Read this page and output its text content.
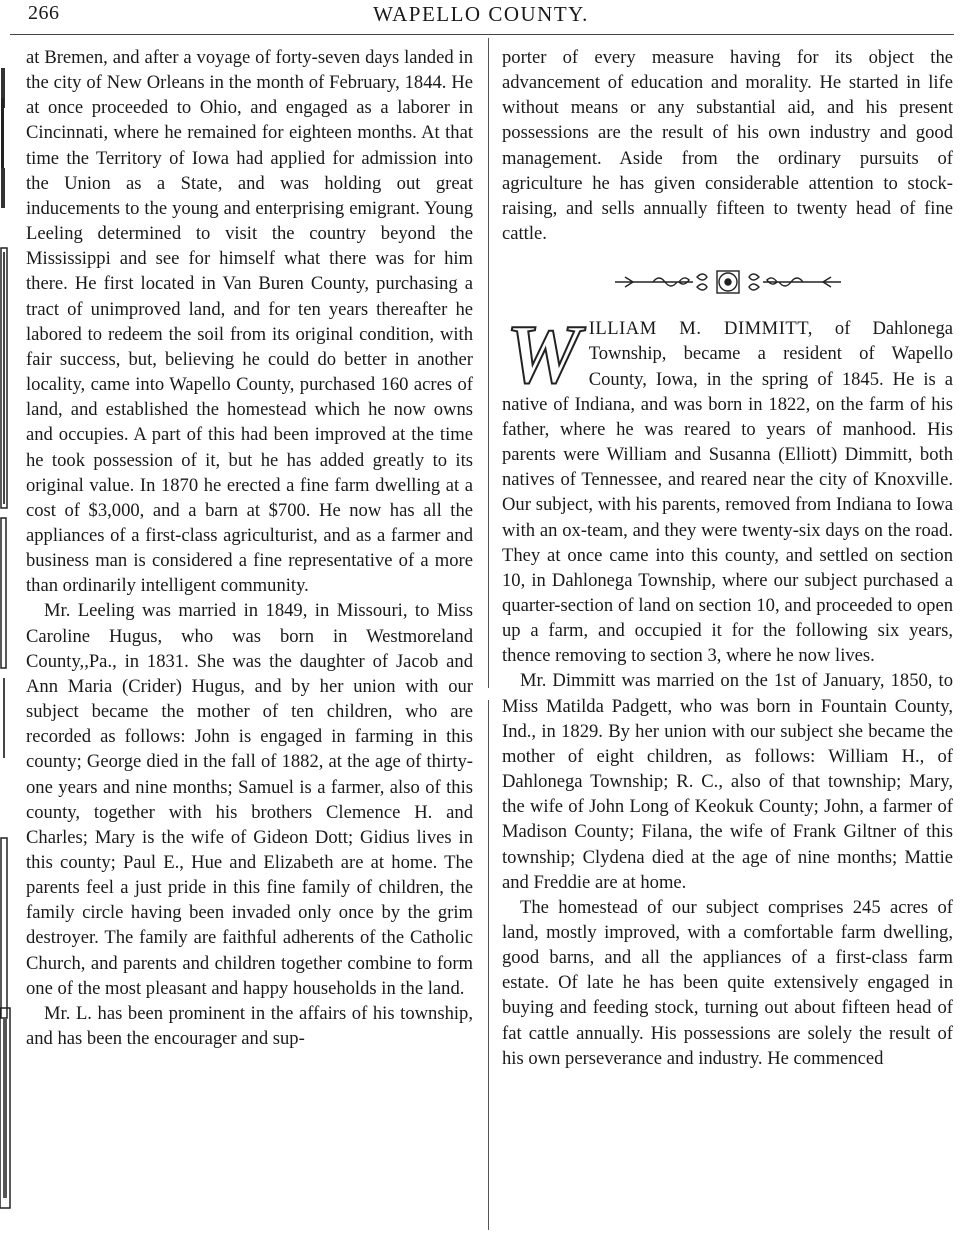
266	WAPELLO COUNTY.

at Bremen, and after a voyage of forty-seven days landed in the city of New Orleans in the month of February, 1844. He at once proceeded to Ohio, and engaged as a laborer in Cincinnati, where he remained for eighteen months. At that time the Territory of Iowa had applied for admission into the Union as a State, and was holding out great inducements to the young and enterprising emigrant. Young Leeling determined to visit the country beyond the Mississippi and see for himself what there was for him there. He first located in Van Buren County, purchasing a tract of unimproved land, and for ten years thereafter he labored to redeem the soil from its original condition, with fair success, but, believing he could do better in another locality, came into Wapello County, purchased 160 acres of land, and established the homestead which he now owns and occupies. A part of this had been improved at the time he took possession of it, but he has added greatly to its original value. In 1870 he erected a fine farm dwelling at a cost of $3,000, and a barn at $700. He now has all the appliances of a first-class agriculturist, and as a farmer and business man is considered a fine representative of a more than ordinarily intelligent community.

Mr. Leeling was married in 1849, in Missouri, to Miss Caroline Hugus, who was born in Westmoreland County,,Pa., in 1831. She was the daughter of Jacob and Ann Maria (Crider) Hugus, and by her union with our subject became the mother of ten children, who are recorded as follows: John is engaged in farming in this county; George died in the fall of 1882, at the age of thirty-one years and nine months; Samuel is a farmer, also of this county, together with his brothers Clemence H. and Charles; Mary is the wife of Gideon Dott; Gidius lives in this county; Paul E., Hue and Elizabeth are at home. The parents feel a just pride in this fine family of children, the family circle having been invaded only once by the grim destroyer. The family are faithful adherents of the Catholic Church, and parents and children together combine to form one of the most pleasant and happy households in the land.

Mr. L. has been prominent in the affairs of his township, and has been the encourager and sup-

porter of every measure having for its object the advancement of education and morality. He started in life without means or any substantial aid, and his present possessions are the result of his own industry and good management. Aside from the ordinary pursuits of agriculture he has given considerable attention to stock-raising, and sells annually fifteen to twenty head of fine cattle.

WILLIAM M. DIMMITT, of Dahlonega Township, became a resident of Wapello County, Iowa, in the spring of 1845. He is a native of Indiana, and was born in 1822, on the farm of his father, where he was reared to years of manhood. His parents were William and Susanna (Elliott) Dimmitt, both natives of Tennessee, and reared near the city of Knoxville. Our subject, with his parents, removed from Indiana to Iowa with an ox-team, and they were twenty-six days on the road. They at once came into this county, and settled on section 10, in Dahlonega Township, where our subject purchased a quarter-section of land on section 10, and proceeded to open up a farm, and occupied it for the following six years, thence removing to section 3, where he now lives.

Mr. Dimmitt was married on the 1st of January, 1850, to Miss Matilda Padgett, who was born in Fountain County, Ind., in 1829. By her union with our subject she became the mother of eight children, as follows: William H., of Dahlonega Township; R. C., also of that township; Mary, the wife of John Long of Keokuk County; John, a farmer of Madison County; Filana, the wife of Frank Giltner of this township; Clydena died at the age of nine months; Mattie and Freddie are at home.

The homestead of our subject comprises 245 acres of land, mostly improved, with a comfortable farm dwelling, good barns, and all the appliances of a first-class farm estate. Of late he has been quite extensively engaged in buying and feeding stock, turning out about fifteen head of fat cattle annually. His possessions are solely the result of his own perseverance and industry. He commenced
